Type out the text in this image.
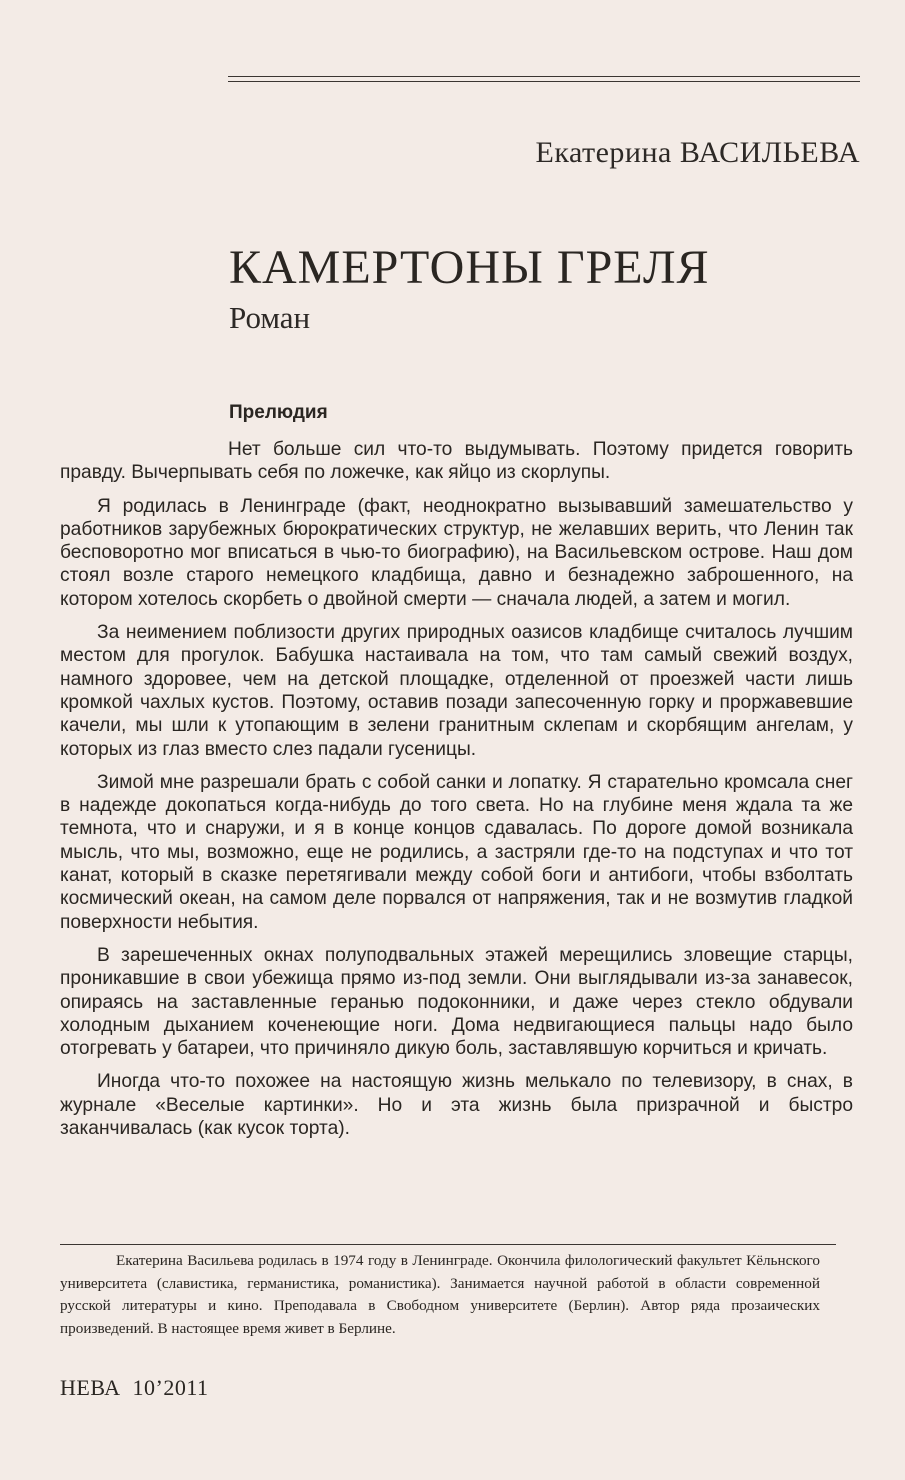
Екатерина ВАСИЛЬЕВА
КАМЕРТОНЫ ГРЕЛЯ
Роман
Прелюдия

Нет больше сил что-то выдумывать. Поэтому придется говорить правду. Вычерпывать себя по ложечке, как яйцо из скорлупы.

Я родилась в Ленинграде (факт, неоднократно вызывавший замешательство у работников зарубежных бюрократических структур, не желавших верить, что Ленин так бесповоротно мог вписаться в чью-то биографию), на Васильевском острове. Наш дом стоял возле старого немецкого кладбища, давно и безнадежно заброшенного, на котором хотелось скорбеть о двойной смерти — сначала людей, а затем и могил.

За неимением поблизости других природных оазисов кладбище считалось лучшим местом для прогулок. Бабушка настаивала на том, что там самый свежий воздух, намного здоровее, чем на детской площадке, отделенной от проезжей части лишь кромкой чахлых кустов. Поэтому, оставив позади запесоченную горку и проржавевшие качели, мы шли к утопающим в зелени гранитным склепам и скорбящим ангелам, у которых из глаз вместо слез падали гусеницы.

Зимой мне разрешали брать с собой санки и лопатку. Я старательно кромсала снег в надежде докопаться когда-нибудь до того света. Но на глубине меня ждала та же темнота, что и снаружи, и я в конце концов сдавалась. По дороге домой возникала мысль, что мы, возможно, еще не родились, а застряли где-то на подступах и что тот канат, который в сказке перетягивали между собой боги и антибоги, чтобы взболтать космический океан, на самом деле порвался от напряжения, так и не возмутив гладкой поверхности небытия.

В зарешеченных окнах полуподвальных этажей мерещились зловещие старцы, проникавшие в свои убежища прямо из-под земли. Они выглядывали из-за занавесок, опираясь на заставленные геранью подоконники, и даже через стекло обдували холодным дыханием коченеющие ноги. Дома недвигающиеся пальцы надо было отогревать у батареи, что причиняло дикую боль, заставлявшую корчиться и кричать.

Иногда что-то похожее на настоящую жизнь мелькало по телевизору, в снах, в журнале «Веселые картинки». Но и эта жизнь была призрачной и быстро заканчивалась (как кусок торта).

Екатерина Васильева родилась в 1974 году в Ленинграде. Окончила филологический факультет Кёльнского университета (славистика, германистика, романистика). Занимается научной работой в области современной русской литературы и кино. Преподавала в Свободном университете (Берлин). Автор ряда прозаических произведений. В настоящее время живет в Берлине.

НЕВА 10’2011
